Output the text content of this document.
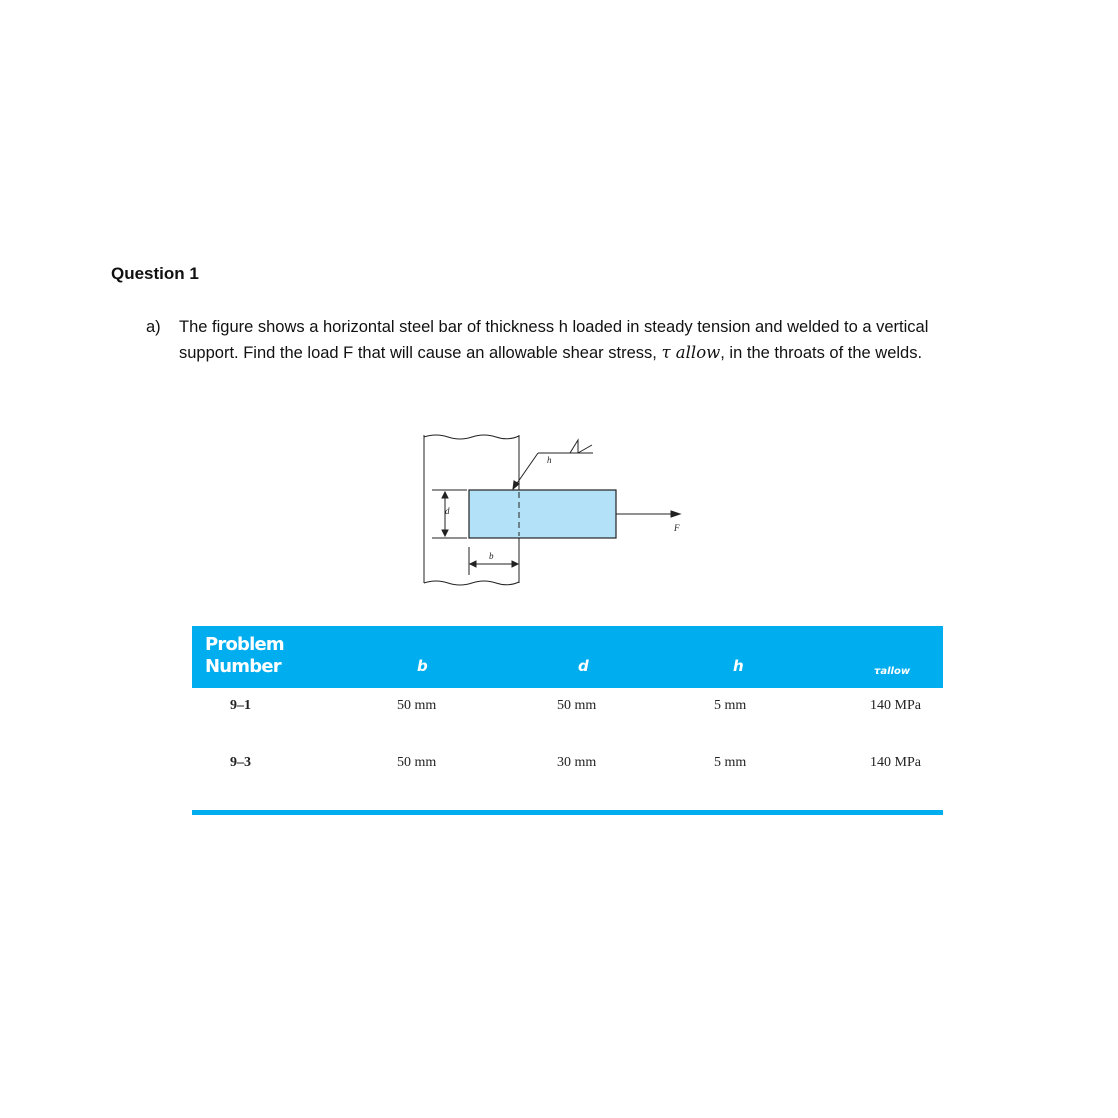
Question 1
a) The figure shows a horizontal steel bar of thickness h loaded in steady tension and welded to a vertical support. Find the load F that will cause an allowable shear stress, τ allow, in the throats of the welds.
h
d
b
F
Problem
Number	b	d	h	τallow
9–1	50 mm	50 mm	5 mm	140 MPa
9–3	50 mm	30 mm	5 mm	140 MPa
